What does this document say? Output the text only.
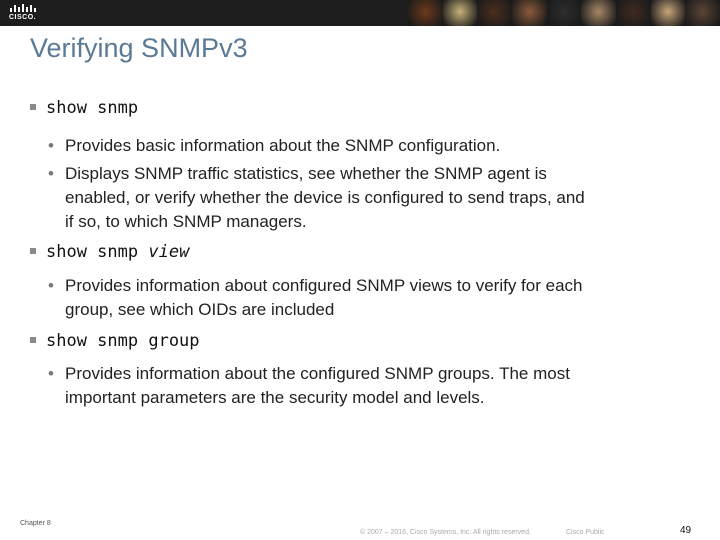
CISCO.
Verifying SNMPv3
show snmp
• Provides basic information about the SNMP configuration.
• Displays SNMP traffic statistics, see whether the SNMP agent is
enabled, or verify whether the device is configured to send traps, and
if so, to which SNMP managers.
show snmp view
• Provides information about configured SNMP views to verify for each
group, see which OIDs are included
show snmp group
• Provides information about the configured SNMP groups. The most
important parameters are the security model and levels.
Chapter 8
© 2007 – 2016, Cisco Systems, Inc. All rights reserved.	Cisco Public	49
